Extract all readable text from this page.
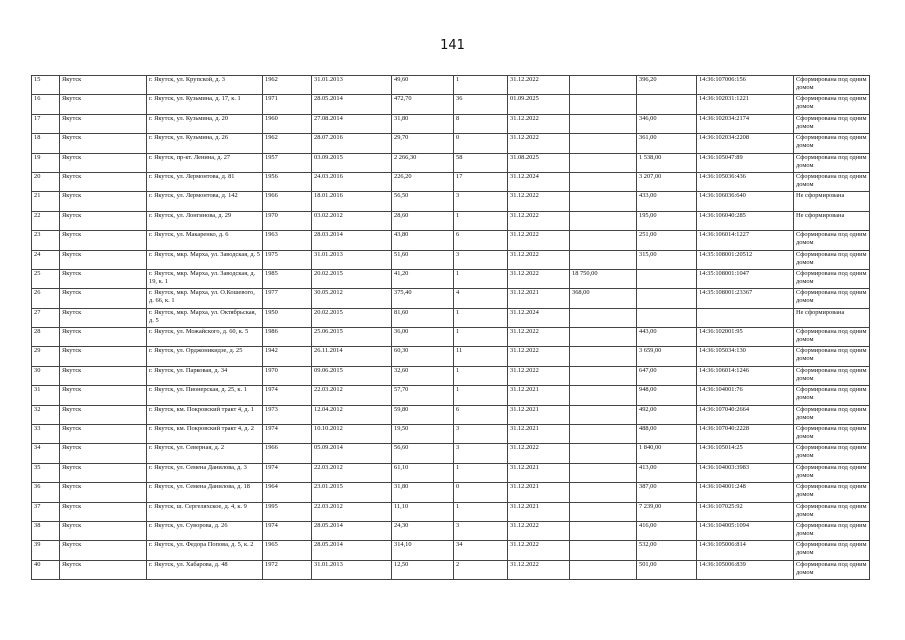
141
15	Якутск	г. Якутск, ул. Крупской, д. 3	1962	31.01.2013	49,60	1	31.12.2022		396,20	14:36:107006:156	Сформирована под одним домом
16	Якутск	г. Якутск, ул. Кузьмина, д. 17, к. 1	1971	28.05.2014	472,70	36	01.09.2025			14:36:102031:1221	Сформирована под одним домом
17	Якутск	г. Якутск, ул. Кузьмина, д. 20	1960	27.08.2014	31,80	8	31.12.2022		346,00	14:36:102034:2174	Сформирована под одним домом
18	Якутск	г. Якутск, ул. Кузьмина, д. 26	1962	28.07.2016	29,70	0	31.12.2022		361,00	14:36:102034:2208	Сформирована под одним домом
19	Якутск	г. Якутск, пр-кт. Ленина, д. 27	1957	03.09.2015	2 266,30	58	31.08.2025		1 538,00	14:36:105047:89	Сформирована под одним домом
20	Якутск	г. Якутск, ул. Лермонтова, д. 81	1956	24.03.2016	226,20	17	31.12.2024		3 207,00	14:36:105036:436	Сформирована под одним домом
21	Якутск	г. Якутск, ул. Лермонтова, д. 142	1966	18.01.2016	56,50	3	31.12.2022		433,00	14:36:106036:640	Не сформирована
22	Якутск	г. Якутск, ул. Лонгинова, д. 29	1970	03.02.2012	28,60	1	31.12.2022		195,00	14:36:106040:285	Не сформирована
23	Якутск	г. Якутск, ул. Макаренко, д. 6	1963	28.03.2014	43,80	6	31.12.2022		251,00	14:36:106014:1227	Сформирована под одним домом
24	Якутск	г. Якутск, мкр. Марха, ул. Заводская, д. 5	1975	31.01.2013	51,60	3	31.12.2022		315,00	14:35:108001:20512	Сформирована под одним домом
25	Якутск	г. Якутск, мкр. Марха, ул. Заводская, д. 19, к. 1	1985	20.02.2015	41,20	1	31.12.2022	18 750,00		14:35:108001:1047	Сформирована под одним домом
26	Якутск	г. Якутск, мкр. Марха, ул. О.Кошевого, д. 66, к. 1	1977	30.05.2012	375,40	4	31.12.2021	368,00		14:35:108001:23367	Сформирована под одним домом
27	Якутск	г. Якутск, мкр. Марха, ул. Октябрьская, д. 5	1950	20.02.2015	81,60	1	31.12.2024				Не сформирована
28	Якутск	г. Якутск, ул. Можайского, д. 60, к. 5	1986	25.06.2015	36,00	1	31.12.2022		443,00	14:36:102001:95	Сформирована под одним домом
29	Якутск	г. Якутск, ул. Орджоникидзе, д. 25	1942	26.11.2014	60,30	11	31.12.2022		3 659,00	14:36:105034:130	Сформирована под одним домом
30	Якутск	г. Якутск, ул. Парковая, д. 34	1970	09.06.2015	32,60	1	31.12.2022		647,00	14:36:106014:1246	Сформирована под одним домом
31	Якутск	г. Якутск, ул. Пионерская, д. 25, к. 1	1974	22.03.2012	57,70	1	31.12.2021		948,00	14:36:104001:76	Сформирована под одним домом
32	Якутск	г. Якутск, км. Покровский тракт 4, д. 1	1973	12.04.2012	59,80	6	31.12.2021		492,00	14:36:107040:2664	Сформирована под одним домом
33	Якутск	г. Якутск, км. Покровский тракт 4, д. 2	1974	10.10.2012	19,50	3	31.12.2021		488,00	14:36:107040:2228	Сформирована под одним домом
34	Якутск	г. Якутск, ул. Северная, д. 2	1966	05.09.2014	56,60	3	31.12.2022		1 840,00	14:36:105014:25	Сформирована под одним домом
35	Якутск	г. Якутск, ул. Семена Данилова, д. 3	1974	22.03.2012	61,10	1	31.12.2021		413,00	14:36:104003:3983	Сформирована под одним домом
36	Якутск	г. Якутск, ул. Семена Данилова, д. 18	1964	23.01.2015	31,80	0	31.12.2021		387,00	14:36:104001:248	Сформирована под одним домом
37	Якутск	г. Якутск, ш. Сергеляхское, д. 4, к. 9	1995	22.03.2012	11,10	1	31.12.2021		7 239,00	14:36:107025:92	Сформирована под одним домом
38	Якутск	г. Якутск, ул. Суворова, д. 26	1974	28.05.2014	24,30	3	31.12.2022		416,00	14:36:104005:1094	Сформирована под одним домом
39	Якутск	г. Якутск, ул. Федора Попова, д. 5, к. 2	1965	28.05.2014	314,10	34	31.12.2022		532,00	14:36:105006:814	Сформирована под одним домом
40	Якутск	г. Якутск, ул. Хабарова, д. 48	1972	31.01.2013	12,50	2	31.12.2022		501,00	14:36:105006:839	Сформирована под одним домом
